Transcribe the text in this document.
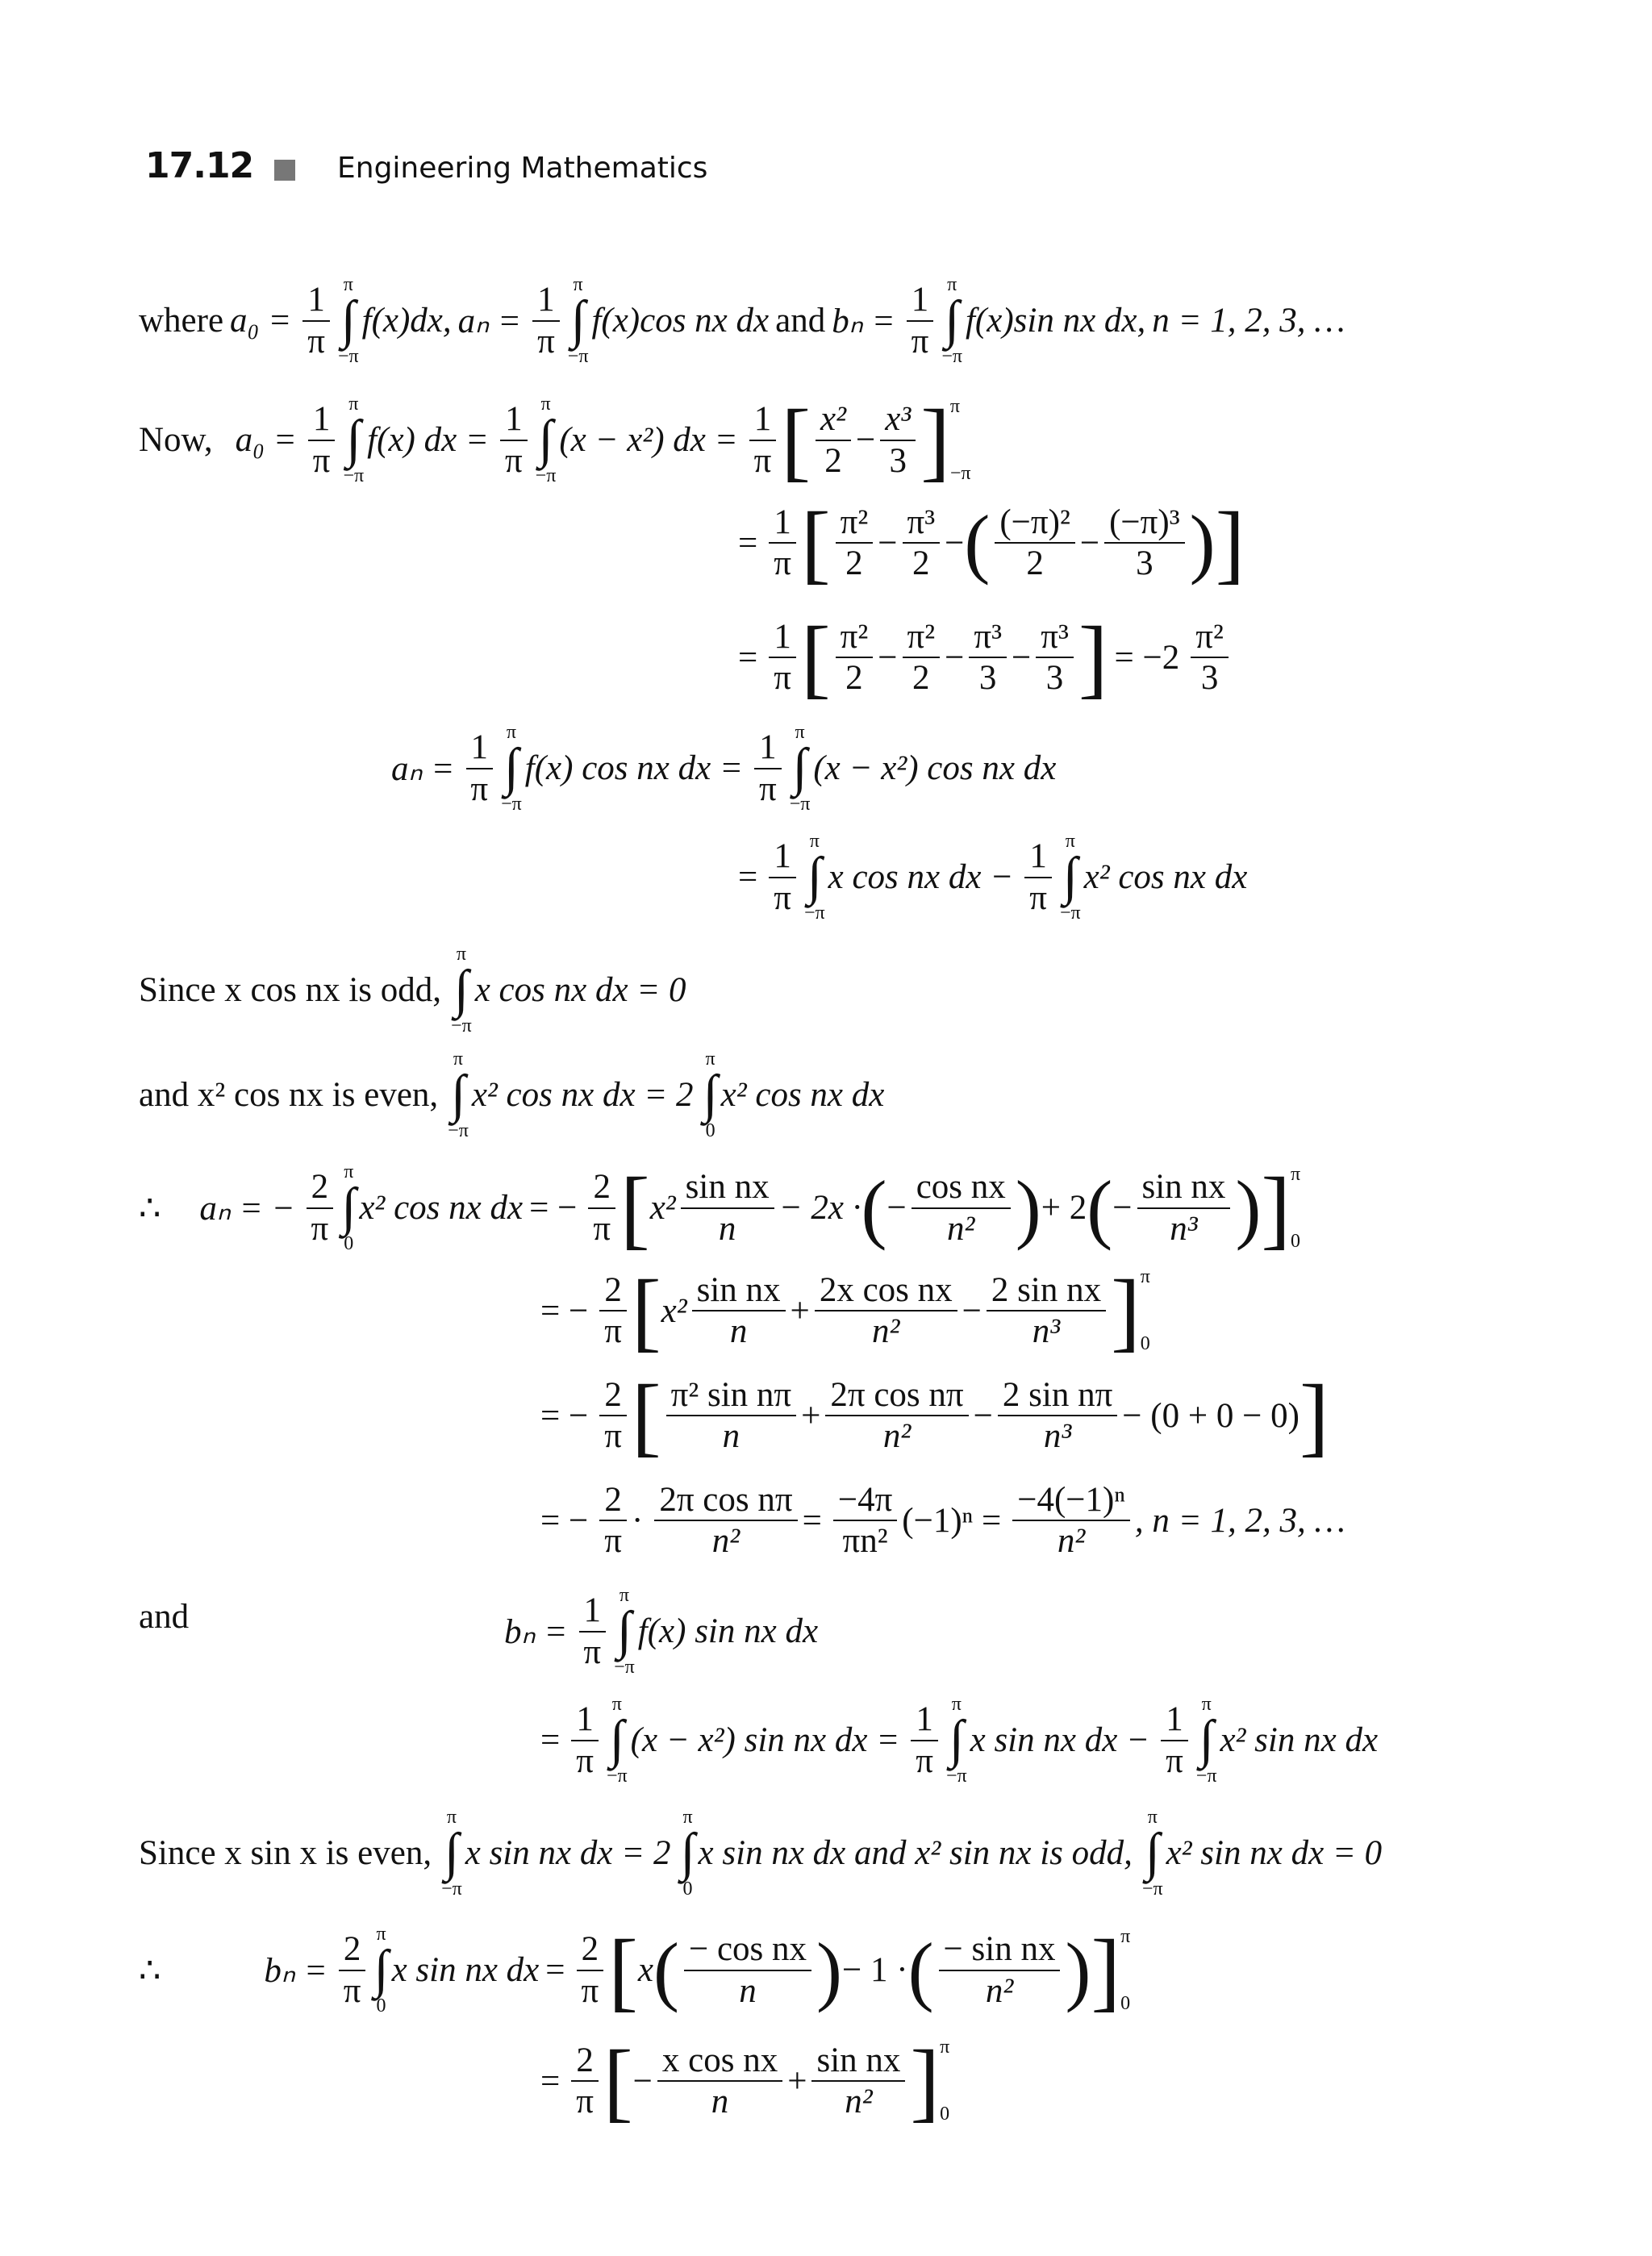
17.12	Engineering Mathematics
where $a_0 = \frac{1}{\pi}$ π
∫
−π
f(x)dx, $a_n = \frac{1}{\pi}$ π
∫
−π
f(x)cos nx dx and $b_n = \frac{1}{\pi}$ π
∫
−π
f(x)sin nx dx, n = 1, 2, 3, …
Now, $a_0 = \frac{1}{\pi}$ π
∫
−π
f(x) dx = $\frac{1}{\pi}$ π
∫
−π
(x − x²) dx = $\frac{1}{\pi}$ [ $\frac{\text{x²}}{2} - \frac{\text{x³}}{3}$ ] π
−π
= $\frac{1}{\pi}$ [ $\frac{\text{π²}}{2} - \frac{\text{π³}}{2}$ − ( $\frac{\text{(−π)²}}{2} - \frac{\text{(−π)³}}{3}$ ) ]
= $\frac{1}{\pi}$ [ $\frac{\text{π²}}{2} - \frac{\text{π²}}{2} - \frac{\text{π³}}{3} - \frac{\text{π³}}{3}$ ] = $-2 \frac{\text{π²}}{3}$
$a_n = \frac{1}{\pi}$ π
∫
−π
f(x) cos nx dx = $\frac{1}{\pi}$ π
∫
−π
(x − x²) cos nx dx
= $\frac{1}{\pi}$ π
∫
−π
x cos nx dx − $\frac{1}{\pi}$ π
∫
−π
x² cos nx dx
Since x cos nx is odd,
π
∫
−π
x cos nx dx = 0
and x² cos nx is even,
π
∫
−π
x² cos nx dx = 2
π
∫
0
x² cos nx dx
∴ aₙ = − $\frac{2}{\pi}$ π
∫
0
x² cos nx dx = − $\frac{2}{\pi}$ [ $x^2 \frac{\text{sin nx}}{n} - 2x$ · ( − $\frac{\text{cos nx}}{\text{n²}}$ ) + 2 ( − $\frac{\text{sin nx}}{\text{n³}}$ ) ] π
0
= − $\frac{2}{\pi}$ [ $x^2 \frac{\text{sin nx}}{n} + \frac{\text{2x cos nx}}{\text{n²}} - \frac{\text{2 sin nx}}{\text{n³}}$ ] π
0
= − $\frac{2}{\pi}$ [ $\frac{\text{π² sin nπ}}{n} + \frac{\text{2π cos nπ}}{\text{n²}} - \frac{\text{2 sin nπ}}{\text{n³}} - (0 + 0 - 0)$ ]
= − $\frac{2}{\pi} \cdot \frac{\text{2π cos nπ}}{\text{n²}} = \frac{-4\pi}{\text{πn²}} (-1)^n = \frac{\text{−4(−1)ⁿ}}{\text{n²}}$ , n = 1, 2, 3, …
and	$b_n = \frac{1}{\pi}$ π
∫
−π
f(x) sin nx dx
= $\frac{1}{\pi}$ π
∫
−π
(x − x²) sin nx dx = $\frac{1}{\pi}$ π
∫
−π
x sin nx dx − $\frac{1}{\pi}$ π
∫
−π
x² sin nx dx
Since x sin x is even,
π
∫
−π
x sin nx dx = 2
π
∫
0
x sin nx dx and x² sin nx is odd,
π
∫
−π
x² sin nx dx = 0
∴	$b_n = \frac{2}{\pi}$ π
∫
0
x sin nx dx = $\frac{2}{\pi}$ [ x ( $\frac{\text{− cos nx}}{n}$ ) − 1 · ( $\frac{\text{− sin nx}}{\text{n²}}$ ) ] π
0
= $\frac{2}{\pi}$ [ − $\frac{\text{x cos nx}}{n} + \frac{\text{sin nx}}{\text{n²}}$ ] π
0
